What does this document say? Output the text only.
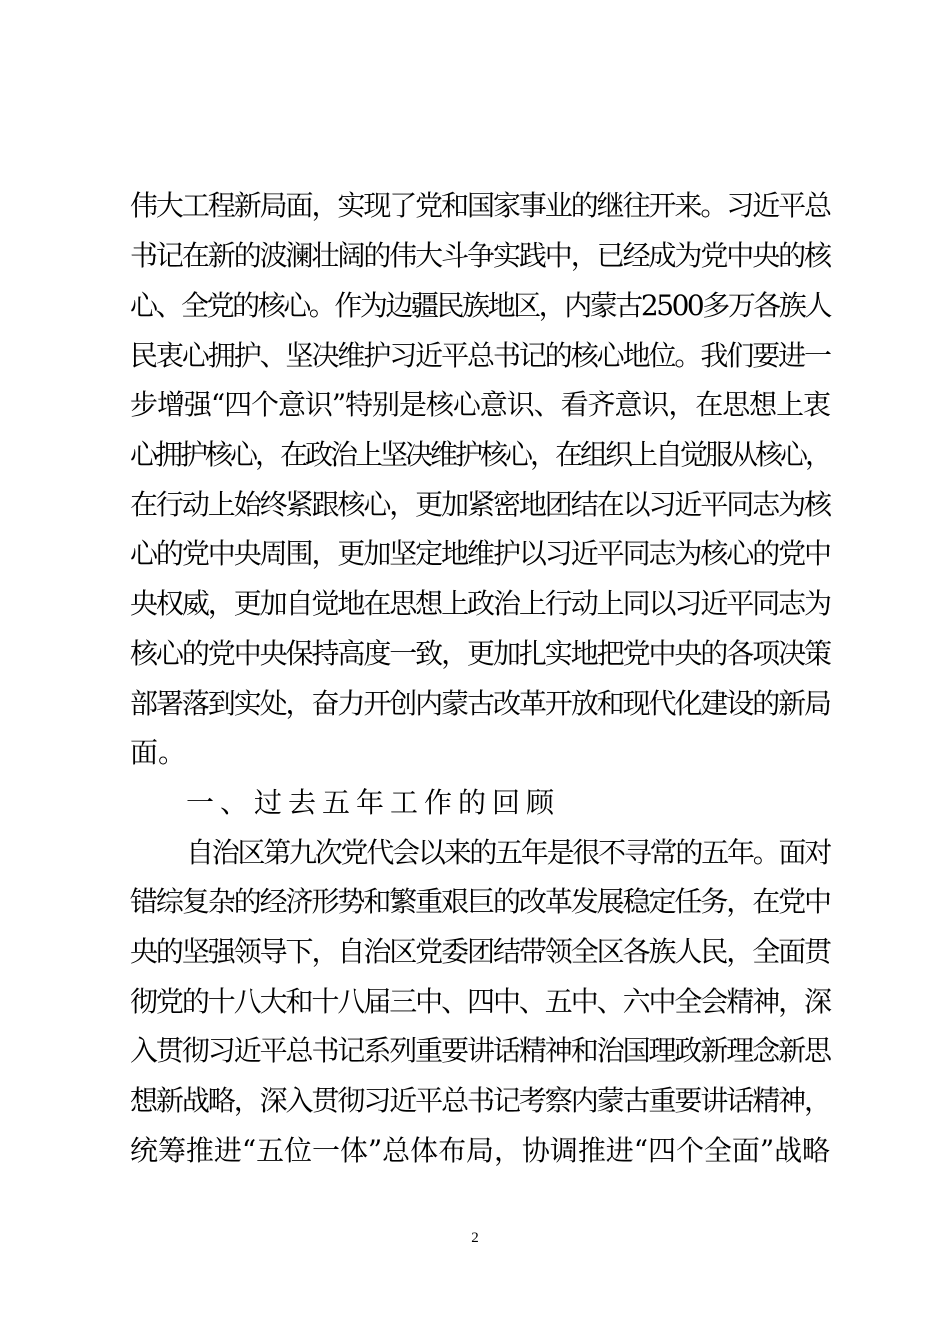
伟大工程新局面，实现了党和国家事业的继往开来。习近平总
书记在新的波澜壮阔的伟大斗争实践中，已经成为党中央的核
心、全党的核心。作为边疆民族地区，内蒙古2500多万各族人
民衷心拥护、坚决维护习近平总书记的核心地位。我们要进一
步增强“四个意识”特别是核心意识、看齐意识，在思想上衷
心拥护核心，在政治上坚决维护核心，在组织上自觉服从核心，
在行动上始终紧跟核心，更加紧密地团结在以习近平同志为核
心的党中央周围，更加坚定地维护以习近平同志为核心的党中
央权威，更加自觉地在思想上政治上行动上同以习近平同志为
核心的党中央保持高度一致，更加扎实地把党中央的各项决策
部署落到实处，奋力开创内蒙古改革开放和现代化建设的新局
面。
一、过去五年工作的回顾
自治区第九次党代会以来的五年是很不寻常的五年。面对
错综复杂的经济形势和繁重艰巨的改革发展稳定任务，在党中
央的坚强领导下，自治区党委团结带领全区各族人民，全面贯
彻党的十八大和十八届三中、四中、五中、六中全会精神，深
入贯彻习近平总书记系列重要讲话精神和治国理政新理念新思
想新战略，深入贯彻习近平总书记考察内蒙古重要讲话精神，
统筹推进“五位一体”总体布局，协调推进“四个全面”战略
2
